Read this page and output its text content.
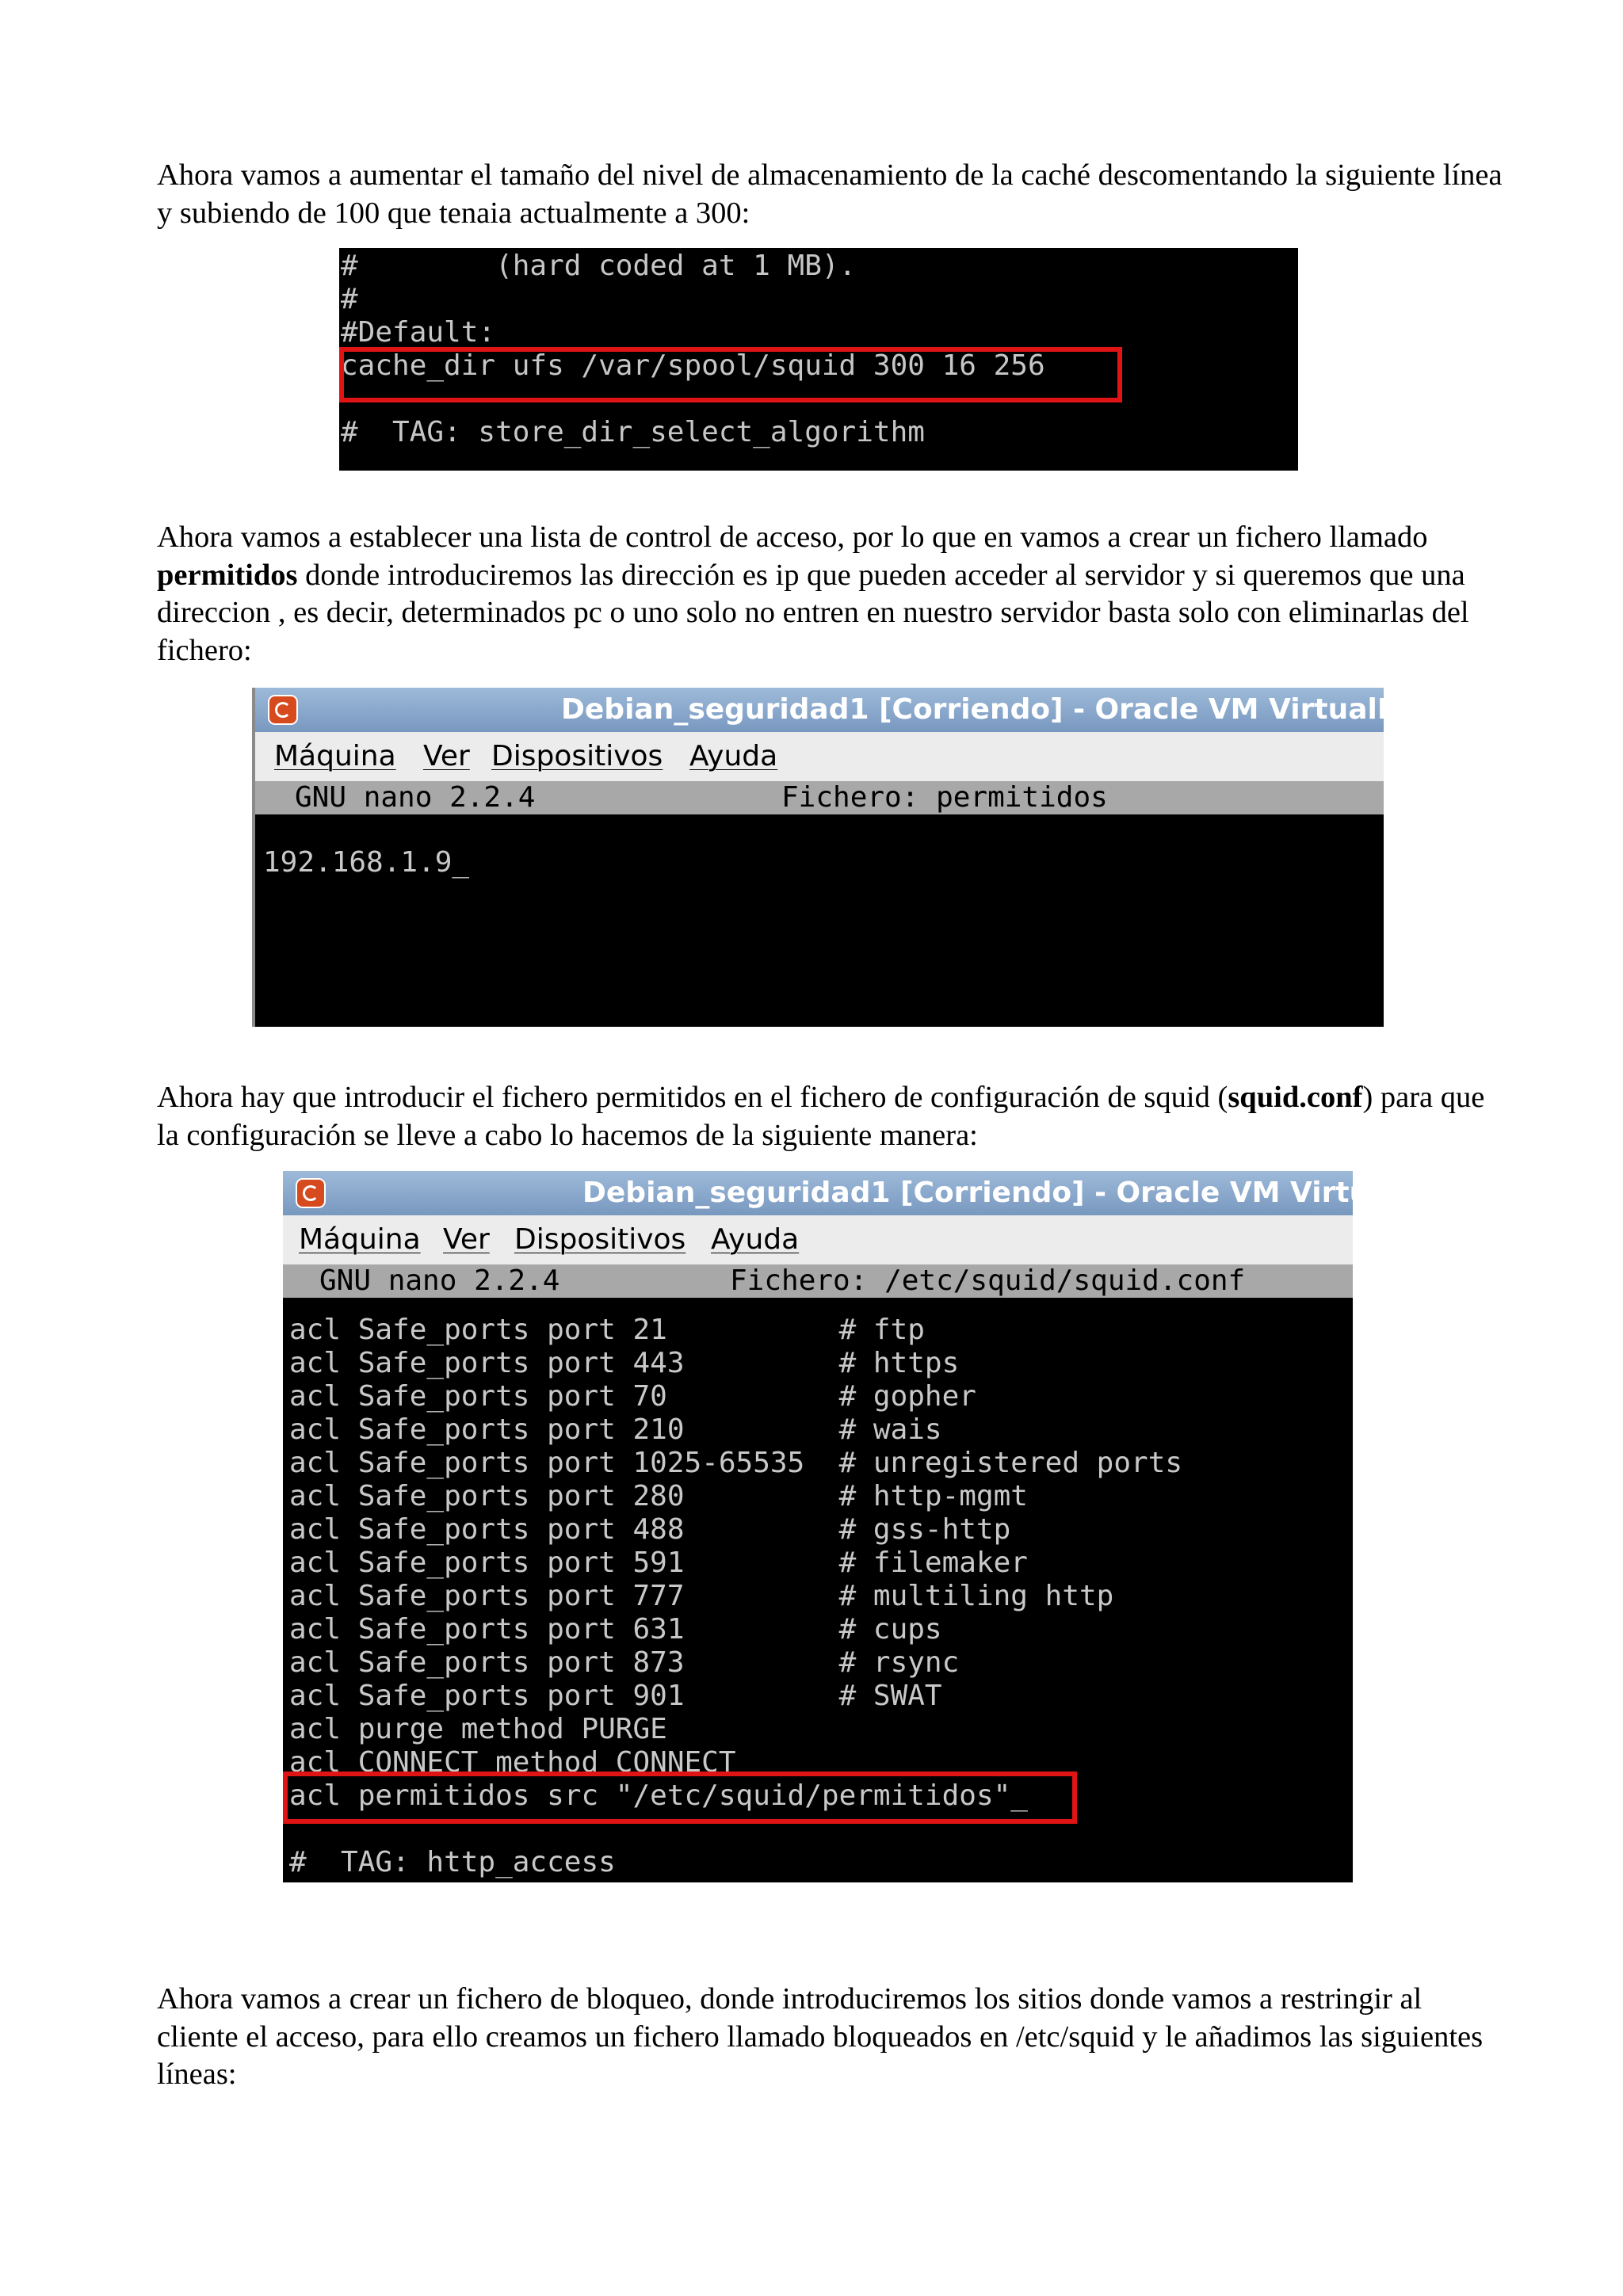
Ahora vamos a aumentar el tamaño del nivel de almacenamiento de la caché descomentando la siguiente línea y subiendo de 100 que tenaia actualmente a 300:

#        (hard coded at 1 MB).
#
#Default:
cache_dir ufs /var/spool/squid 300 16 256
#  TAG: store_dir_select_algorithm

Ahora vamos a establecer una lista de control de acceso, por lo que en vamos a crear un fichero llamado permitidos donde introduciremos las dirección es ip que pueden acceder al servidor y si queremos que una direccion , es decir, determinados pc o uno solo no entren en nuestro servidor basta solo con eliminarlas del fichero:

Debian_seguridad1 [Corriendo] - Oracle VM VirtualBox
Máquina Ver Dispositivos Ayuda
GNU nano 2.2.4	Fichero: permitidos
192.168.1.9_

Ahora hay que introducir el fichero permitidos en el fichero de configuración de squid (squid.conf) para que la configuración se lleve a cabo lo hacemos de la siguiente manera:

Debian_seguridad1 [Corriendo] - Oracle VM VirtualBox
Máquina Ver Dispositivos Ayuda
GNU nano 2.2.4	Fichero: /etc/squid/squid.conf
acl Safe_ports port 21          # ftp
acl Safe_ports port 443         # https
acl Safe_ports port 70          # gopher
acl Safe_ports port 210         # wais
acl Safe_ports port 1025-65535  # unregistered ports
acl Safe_ports port 280         # http-mgmt
acl Safe_ports port 488         # gss-http
acl Safe_ports port 591         # filemaker
acl Safe_ports port 777         # multiling http
acl Safe_ports port 631         # cups
acl Safe_ports port 873         # rsync
acl Safe_ports port 901         # SWAT
acl purge method PURGE
acl CONNECT method CONNECT
acl permitidos src "/etc/squid/permitidos"_
#  TAG: http_access

Ahora vamos a crear un fichero de bloqueo, donde introduciremos los sitios donde vamos a restringir al cliente el acceso, para ello creamos un fichero llamado bloqueados en /etc/squid y le añadimos las siguientes líneas:
